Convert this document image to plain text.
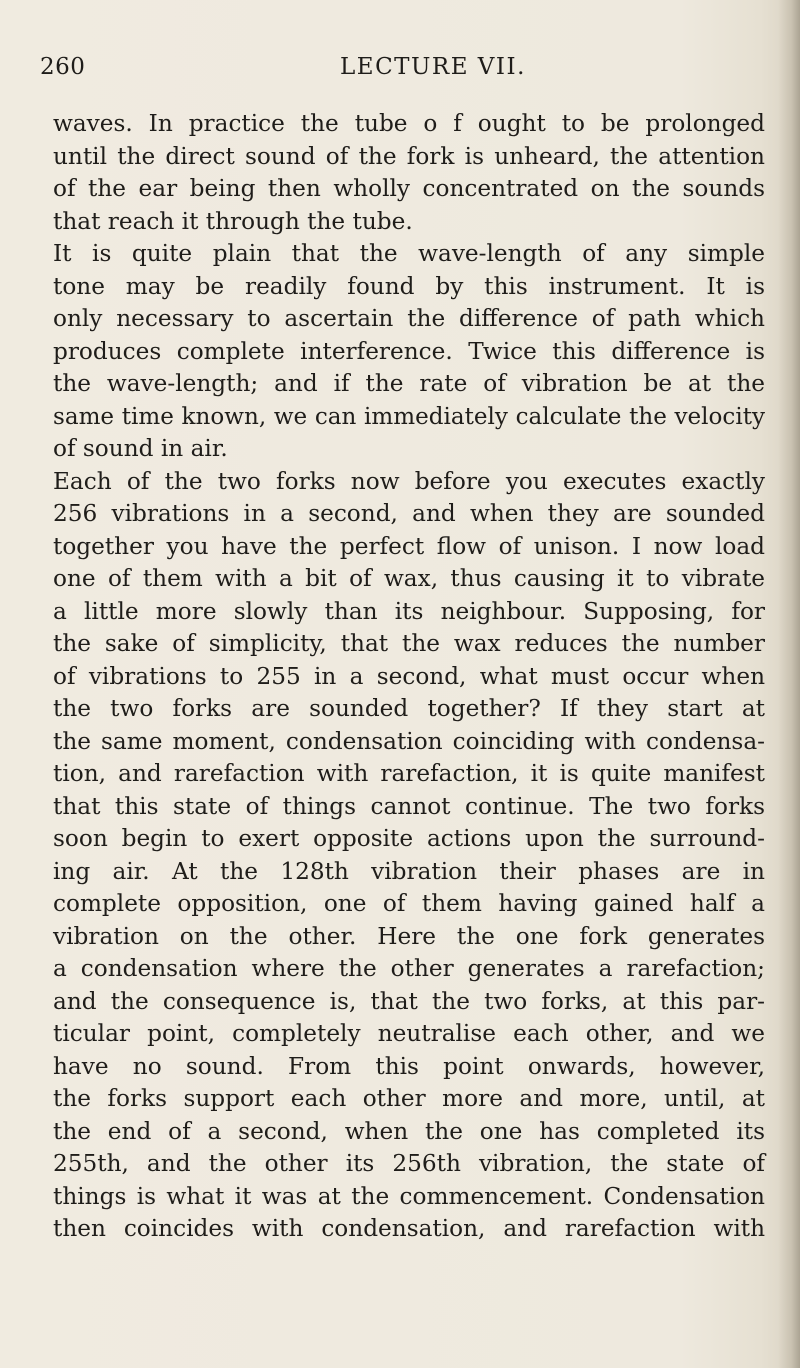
260	LECTURE VII.
waves. In practice the tube o f ought to be prolonged
until the direct sound of the fork is unheard, the attention
of the ear being then wholly concentrated on the sounds
that reach it through the tube.
It is quite plain that the wave-length of any simple
tone may be readily found by this instrument. It is
only necessary to ascertain the difference of path which
produces complete interference. Twice this difference is
the wave-length; and if the rate of vibration be at the
same time known, we can immediately calculate the velocity
of sound in air.
Each of the two forks now before you executes exactly
256 vibrations in a second, and when they are sounded
together you have the perfect flow of unison. I now load
one of them with a bit of wax, thus causing it to vibrate
a little more slowly than its neighbour. Supposing, for
the sake of simplicity, that the wax reduces the number
of vibrations to 255 in a second, what must occur when
the two forks are sounded together? If they start at
the same moment, condensation coinciding with condensa-
tion, and rarefaction with rarefaction, it is quite manifest
that this state of things cannot continue. The two forks
soon begin to exert opposite actions upon the surround-
ing air. At the 128th vibration their phases are in
complete opposition, one of them having gained half a
vibration on the other. Here the one fork generates
a condensation where the other generates a rarefaction;
and the consequence is, that the two forks, at this par-
ticular point, completely neutralise each other, and we
have no sound. From this point onwards, however,
the forks support each other more and more, until, at
the end of a second, when the one has completed its
255th, and the other its 256th vibration, the state of
things is what it was at the commencement. Condensation
then coincides with condensation, and rarefaction with
